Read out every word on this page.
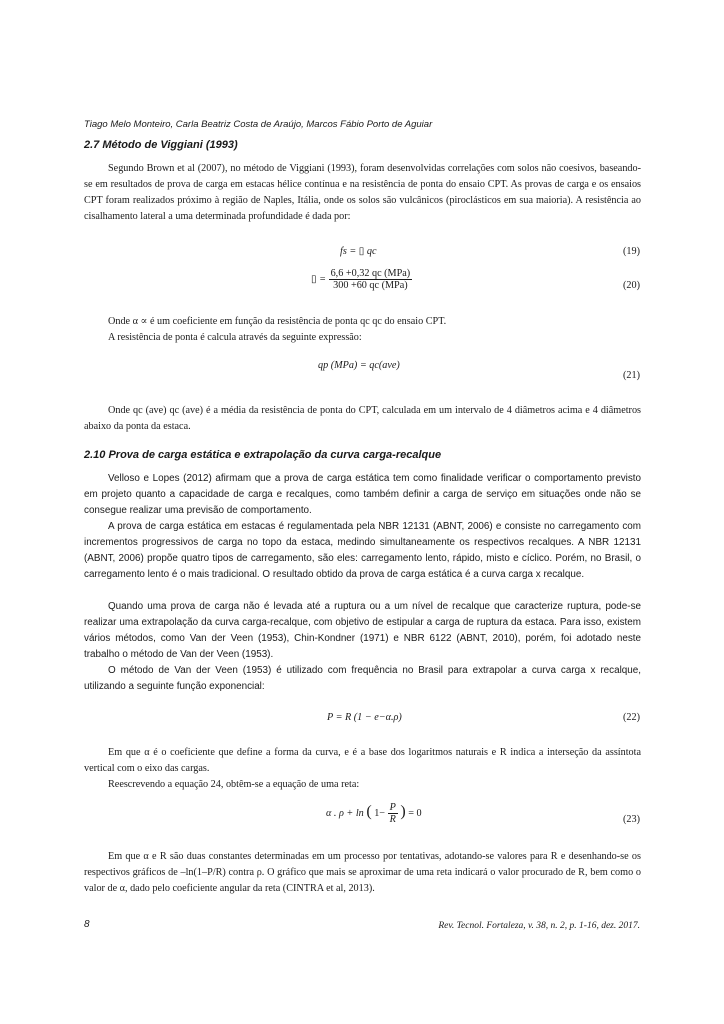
Tiago Melo Monteiro, Carla Beatriz Costa de Araújo, Marcos Fábio Porto de Aguiar
2.7 Método de Viggiani (1993)

Segundo Brown et al (2007), no método de Viggiani (1993), foram desenvolvidas correlações com solos não coesivos, baseando-se em resultados de prova de carga em estacas hélice contínua e na resistência de ponta do ensaio CPT. As provas de carga e os ensaios CPT foram realizados próximo à região de Naples, Itália, onde os solos são vulcânicos (piroclásticos em sua maioria). A resistência ao cisalhamento lateral a uma determinada profundidade é dada por:

fs = ▯ qc	(19)
▯ = $\frac{\text{6,6 +0,32 qc (MPa)}}{\text{300 +60 qc (MPa)}}$	(20)

Onde α ∝ é um coeficiente em função da resistência de ponta qc qc do ensaio CPT.

A resistência de ponta é calcula através da seguinte expressão:

qp (MPa) = qc(ave)
(21)

Onde qc (ave) qc (ave) é a média da resistência de ponta do CPT, calculada em um intervalo de 4 diâmetros acima e 4 diâmetros abaixo da ponta da estaca.

2.10 Prova de carga estática e extrapolação da curva carga-recalque

Velloso e Lopes (2012) afirmam que a prova de carga estática tem como finalidade verificar o comportamento previsto em projeto quanto a capacidade de carga e recalques, como também definir a carga de serviço em situações onde não se consegue realizar uma previsão de comportamento.

A prova de carga estática em estacas é regulamentada pela NBR 12131 (ABNT, 2006) e consiste no carregamento com incrementos progressivos de carga no topo da estaca, medindo simultaneamente os respectivos recalques. A NBR 12131 (ABNT, 2006) propõe quatro tipos de carregamento, são eles: carregamento lento, rápido, misto e cíclico. Porém, no Brasil, o carregamento lento é o mais tradicional. O resultado obtido da prova de carga estática é a curva carga x recalque.

Quando uma prova de carga não é levada até a ruptura ou a um nível de recalque que caracterize ruptura, pode-se realizar uma extrapolação da curva carga-recalque, com objetivo de estipular a carga de ruptura da estaca. Para isso, existem vários métodos, como Van der Veen (1953), Chin-Kondner (1971) e NBR 6122 (ABNT, 2010), porém, foi adotado neste trabalho o método de Van der Veen (1953).

O método de Van der Veen (1953) é utilizado com frequência no Brasil para extrapolar a curva carga x recalque, utilizando a seguinte função exponencial:

P = R (1 − e−α.ρ)	(22)

Em que α é o coeficiente que define a forma da curva, e é a base dos logaritmos naturais e R indica a interseção da assíntota vertical com o eixo das cargas.

Reescrevendo a equação 24, obtêm-se a equação de uma reta:

α . ρ + ln ( $1- \frac{P}{R}$ ) = 0
(23)

Em que α e R são duas constantes determinadas em um processo por tentativas, adotando-se valores para R e desenhando-se os respectivos gráficos de –ln(1–P/R) contra ρ. O gráfico que mais se aproximar de uma reta indicará o valor procurado de R, bem como o valor de α, dado pelo coeficiente angular da reta (CINTRA et al, 2013).

8	Rev. Tecnol. Fortaleza, v. 38, n. 2, p. 1-16, dez. 2017.
